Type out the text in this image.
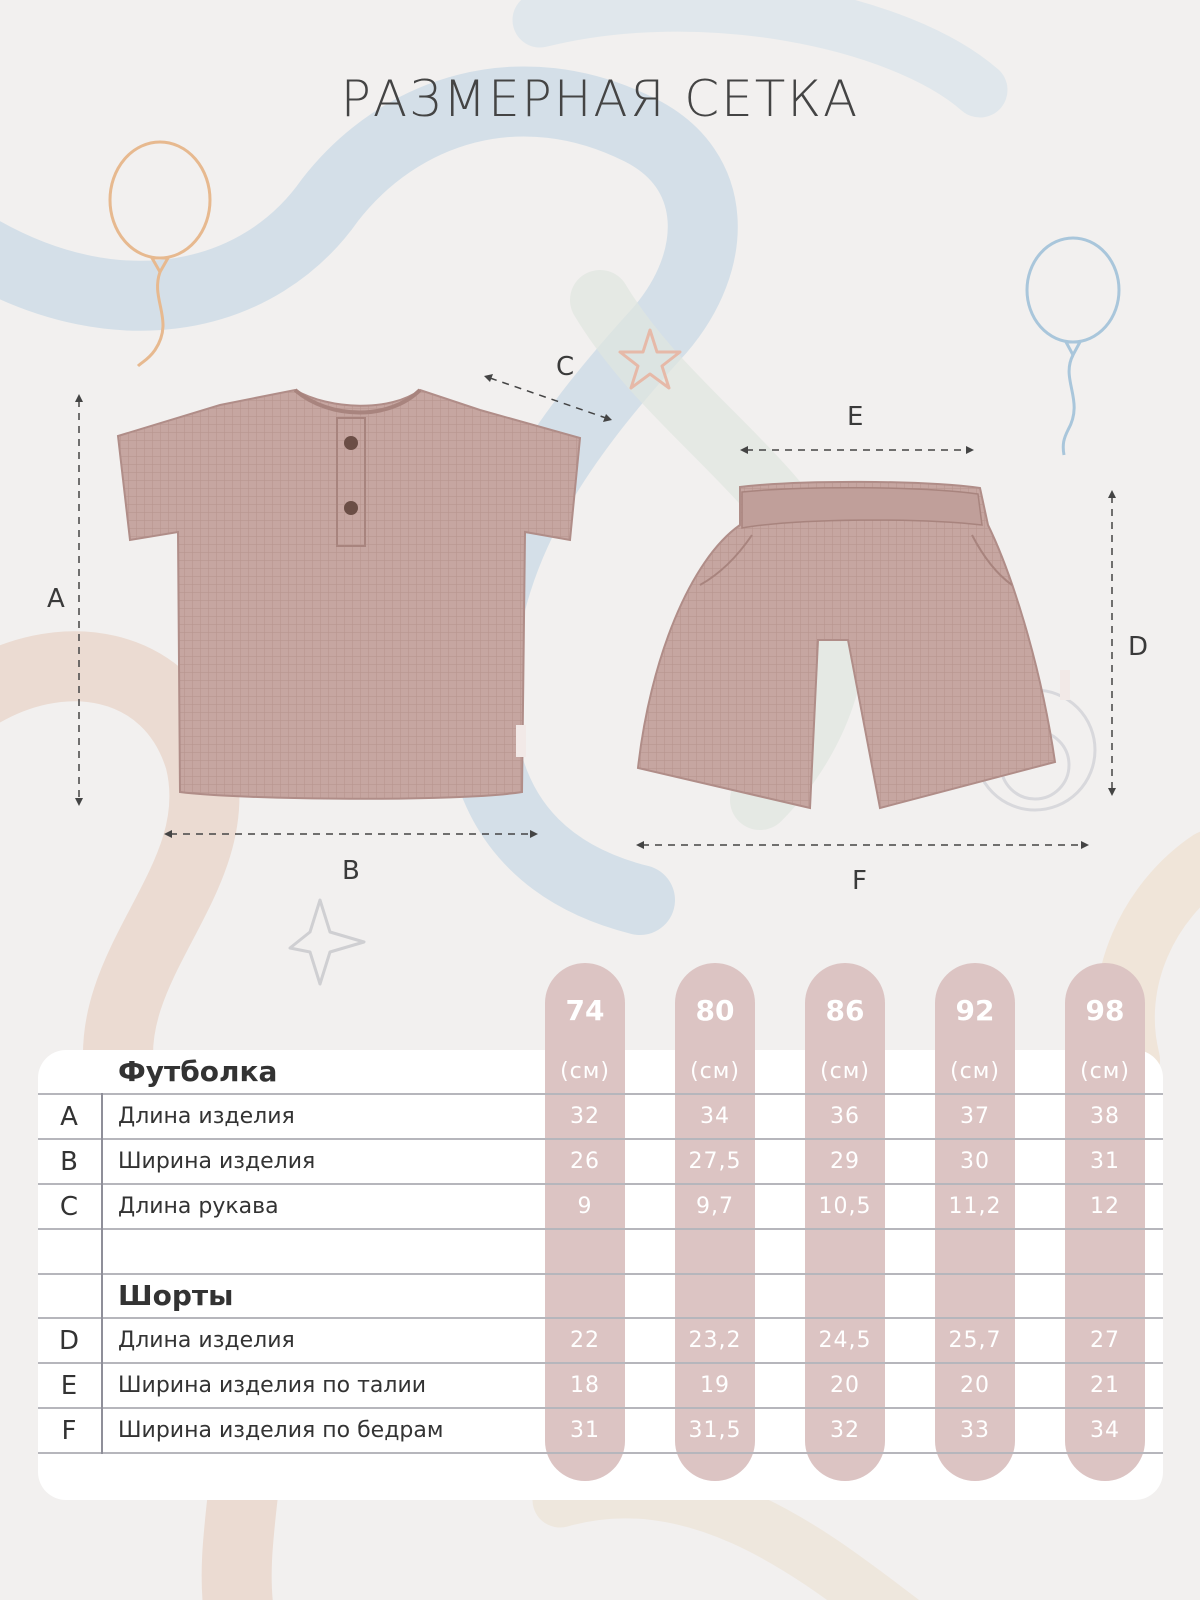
РАЗМЕРНАЯ СЕТКА
A
B
C
D
E
F
74	80	86	92	98
Футболка	(см)	(см)	(см)	(см)	(см)
A	Длина изделия	32	34	36	37	38
B	Ширина изделия	26	27,5	29	30	31
C	Длина рукава	9	9,7	10,5	11,2	12
Шорты
D	Длина изделия	22	23,2	24,5	25,7	27
E	Ширина изделия по талии	18	19	20	20	21
F	Ширина изделия по бедрам	31	31,5	32	33	34
